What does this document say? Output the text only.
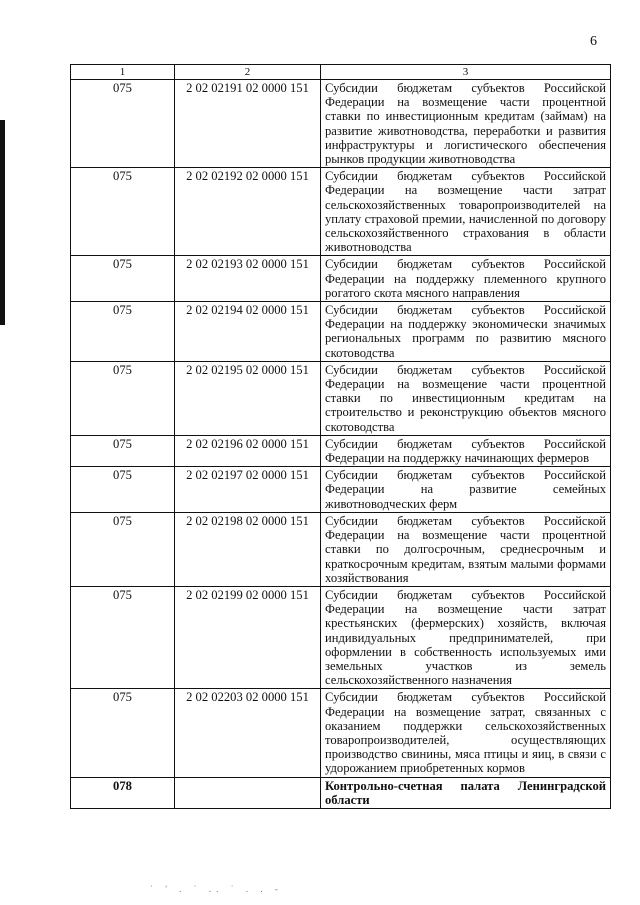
6
1	2	3
075	2 02 02191 02 0000 151	Субсидии бюджетам субъектов Российской Федерации на возмещение части процентной ставки по инвестиционным кредитам (займам) на развитие животноводства, переработки и развития инфраструктуры и логистического обеспечения рынков продукции животноводства
075	2 02 02192 02 0000 151	Субсидии бюджетам субъектов Российской Федерации на возмещение части затрат сельскохозяйственных товаропроизводителей на уплату страховой премии, начисленной по договору сельскохозяйственного страхования в области животноводства
075	2 02 02193 02 0000 151	Субсидии бюджетам субъектов Российской Федерации на поддержку племенного крупного рогатого скота мясного направления
075	2 02 02194 02 0000 151	Субсидии бюджетам субъектов Российской Федерации на поддержку экономически значимых региональных программ по развитию мясного скотоводства
075	2 02 02195 02 0000 151	Субсидии бюджетам субъектов Российской Федерации на возмещение части процентной ставки по инвестиционным кредитам на строительство и реконструкцию объектов мясного скотоводства
075	2 02 02196 02 0000 151	Субсидии бюджетам субъектов Российской Федерации на поддержку начинающих фермеров
075	2 02 02197 02 0000 151	Субсидии бюджетам субъектов Российской Федерации на развитие семейных животноводческих ферм
075	2 02 02198 02 0000 151	Субсидии бюджетам субъектов Российской Федерации на возмещение части процентной ставки по долгосрочным, среднесрочным и краткосрочным кредитам, взятым малыми формами хозяйствования
075	2 02 02199 02 0000 151	Субсидии бюджетам субъектов Российской Федерации на возмещение части затрат крестьянских (фермерских) хозяйств, включая индивидуальных предпринимателей, при оформлении в собственность используемых ими земельных участков из земель сельскохозяйственного назначения
075	2 02 02203 02 0000 151	Субсидии бюджетам субъектов Российской Федерации на возмещение затрат, связанных с оказанием поддержки сельскохозяйственных товаропроизводителей, осуществляющих производство свинины, мяса птицы и яиц, в связи с удорожанием приобретенных кормов
078		Контрольно-счетная палата Ленинградской области
˙ ' . ˙ .. ˙ . . -
